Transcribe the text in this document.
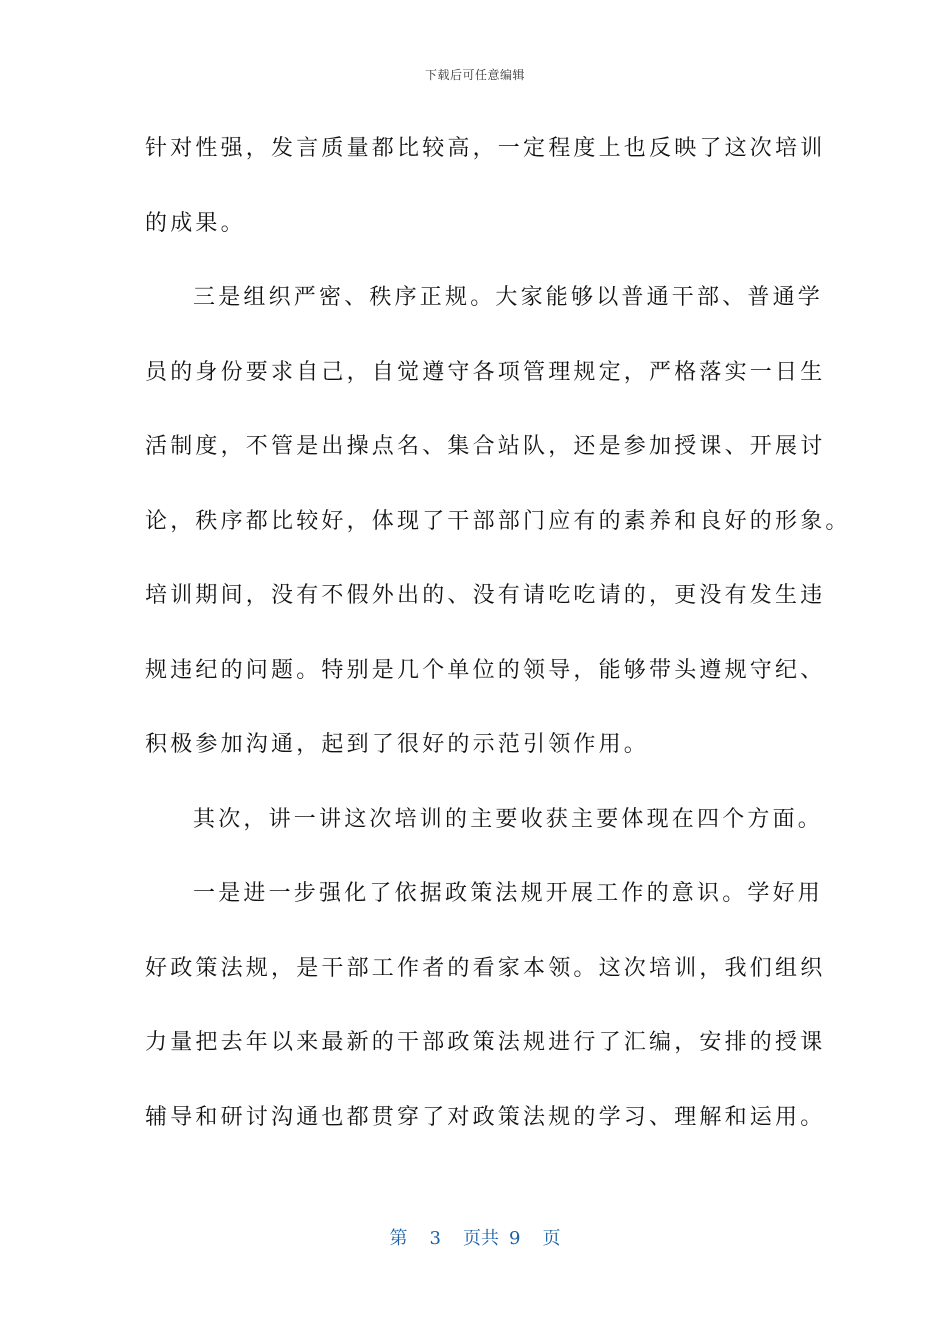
下载后可任意编辑
针对性强，发言质量都比较高，一定程度上也反映了这次培训
的成果。
三是组织严密、秩序正规。大家能够以普通干部、普通学
员的身份要求自己，自觉遵守各项管理规定，严格落实一日生
活制度，不管是出操点名、集合站队，还是参加授课、开展讨
论，秩序都比较好，体现了干部部门应有的素养和良好的形象。
培训期间，没有不假外出的、没有请吃吃请的，更没有发生违
规违纪的问题。特别是几个单位的领导，能够带头遵规守纪、
积极参加沟通，起到了很好的示范引领作用。
其次，讲一讲这次培训的主要收获主要体现在四个方面。
一是进一步强化了依据政策法规开展工作的意识。学好用
好政策法规，是干部工作者的看家本领。这次培训，我们组织
力量把去年以来最新的干部政策法规进行了汇编，安排的授课
辅导和研讨沟通也都贯穿了对政策法规的学习、理解和运用。
第 3 页共 9 页
